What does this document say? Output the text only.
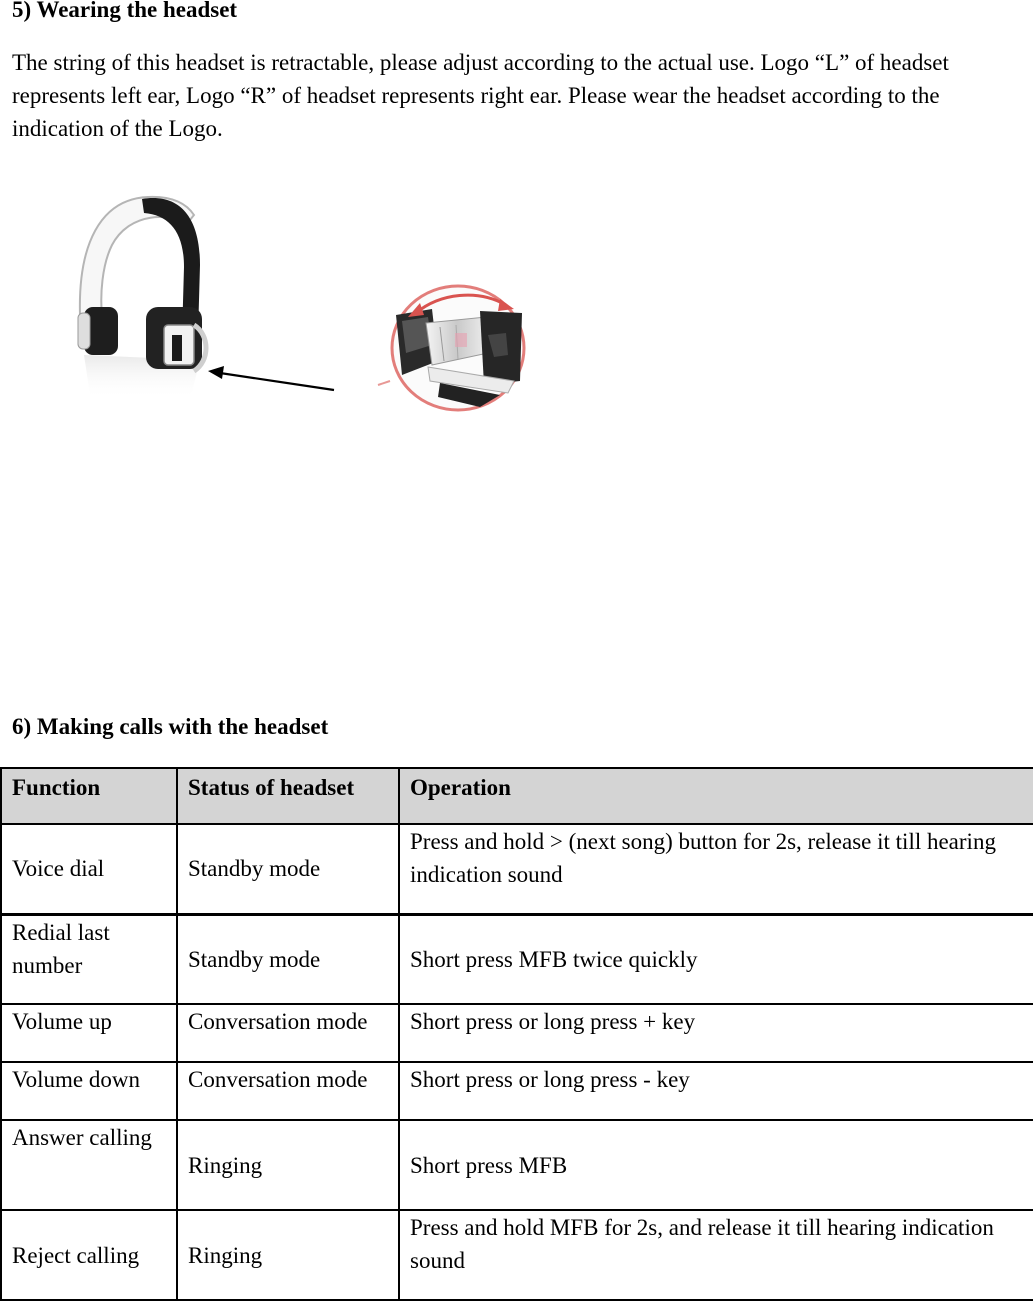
5) Wearing the headset

The string of this headset is retractable, please adjust according to the actual use. Logo “L” of headset represents left ear, Logo “R” of headset represents right ear. Please wear the headset according to the indication of the Logo.

6) Making calls with the headset
Function	Status of headset	Operation
Voice dial	Standby mode	Press and hold > (next song) button for 2s, release it till hearing indication sound
Redial last number	Standby mode	Short press MFB twice quickly
Volume up	Conversation mode	Short press or long press + key
Volume down	Conversation mode	Short press or long press - key
Answer calling	Ringing	Short press MFB
Reject calling	Ringing	Press and hold MFB for 2s, and release it till hearing indication sound
